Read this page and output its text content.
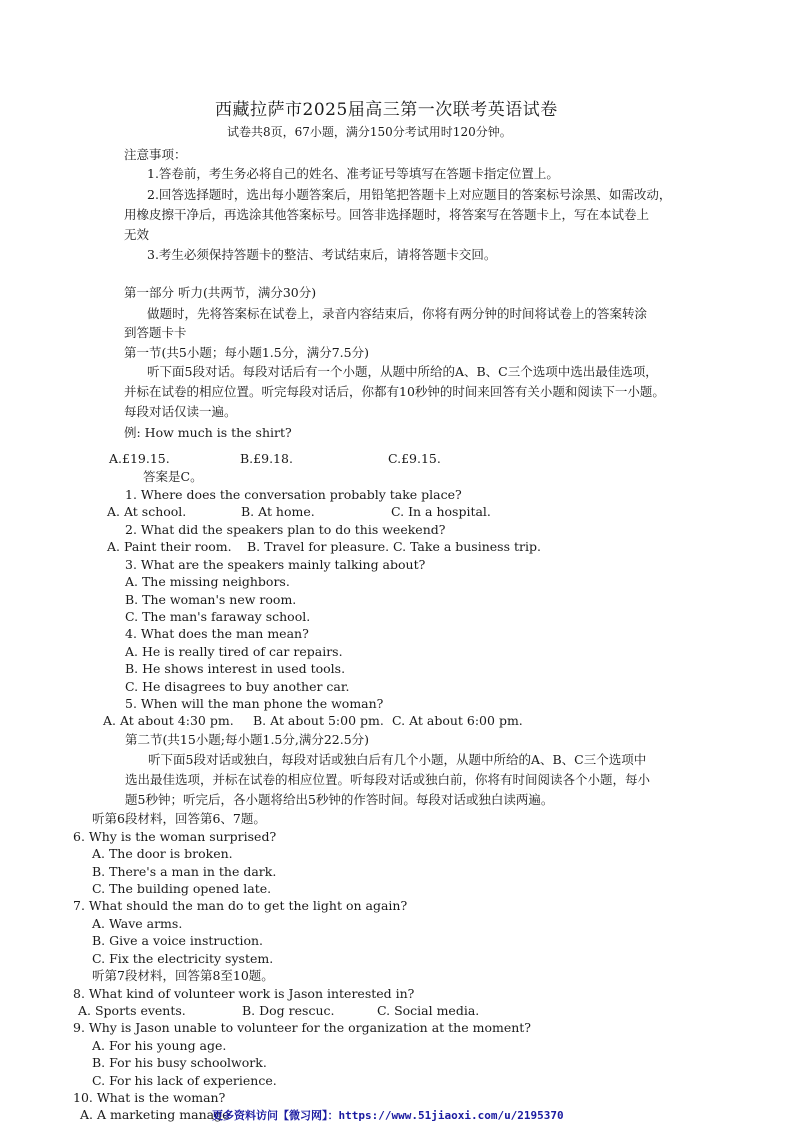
西藏拉萨市2025届高三第一次联考英语试卷
试卷共8页，67小题，满分150分考试用时120分钟。
注意事项：
1.答卷前，考生务必将自己的姓名、准考证号等填写在答题卡指定位置上。
2.回答选择题时，选出每小题答案后，用铅笔把答题卡上对应题目的答案标号涂黑、如需改动，
用橡皮擦干净后，再选涂其他答案标号。回答非选择题时，将答案写在答题卡上，写在本试卷上
无效
3.考生必须保持答题卡的整洁、考试结束后，请将答题卡交回。
第一部分 听力(共两节，满分30分)
做题时，先将答案标在试卷上，录音内容结束后，你将有两分钟的时间将试卷上的答案转涂
到答题卡卡
第一节(共5小题；每小题1.5分，满分7.5分)
听下面5段对话。每段对话后有一个小题，从题中所给的A、B、C三个选项中选出最佳选项，
并标在试卷的相应位置。听完每段对话后，你都有10秒钟的时间来回答有关小题和阅读下一小题。
每段对话仅读一遍。
例: How much is the shirt?
A.£19.15.	B.£9.18.	C.£9.15.
答案是C。
1. Where does the conversation probably take place?
A. At school.	B. At home.	C. In a hospital.
2. What did the speakers plan to do this weekend?
A. Paint their room. B. Travel for pleasure. C. Take a business trip.
3. What are the speakers mainly talking about?
A. The missing neighbors.
B. The woman's new room.
C. The man's faraway school.
4. What does the man mean?
A. He is really tired of car repairs.
B. He shows interest in used tools.
C. He disagrees to buy another car.
5. When will the man phone the woman?
A. At about 4:30 pm. B. At about 5:00 pm. C. At about 6:00 pm.
第二节(共15小题;每小题1.5分,满分22.5分)
听下面5段对话或独白，每段对话或独白后有几个小题，从题中所给的A、B、C三个选项中
选出最佳选项，并标在试卷的相应位置。听每段对话或独白前，你将有时间阅读各个小题，每小
题5秒钟；听完后，各小题将给出5秒钟的作答时间。每段对话或独白读两遍。
听第6段材料，回答第6、7题。
6. Why is the woman surprised?
A. The door is broken.
B. There's a man in the dark.
C. The building opened late.
7. What should the man do to get the light on again?
A. Wave arms.
B. Give a voice instruction.
C. Fix the electricity system.
听第7段材料，回答第8至10题。
8. What kind of volunteer work is Jason interested in?
A. Sports events.	B. Dog rescuc.	C. Social media.
9. Why is Jason unable to volunteer for the organization at the moment?
A. For his young age.
B. For his busy schoolwork.
C. For his lack of experience.
10. What is the woman?
A. A marketing manage
更多资料访问【微习网】：https://www.51jiaoxi.com/u/2195370
